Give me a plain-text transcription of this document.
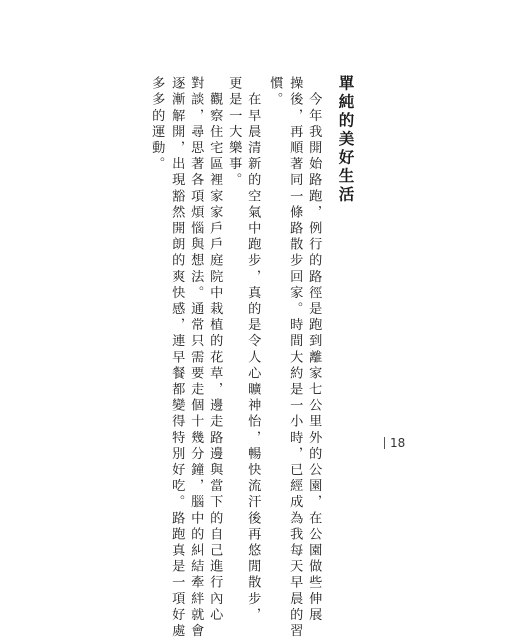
單純的美好生活
　今年我開始路跑，例行的路徑是跑到離家七公里外的公園，在公園做些伸展
操後，再順著同一條路散步回家。時間大約是一小時，已經成為我每天早晨的習
慣。
　在早晨清新的空氣中跑步，真的是令人心曠神怡，暢快流汗後再悠閒散步，
更是一大樂事。
　觀察住宅區裡家家戶戶庭院中栽植的花草，邊走路邊與當下的自己進行內心
對談，尋思著各項煩惱與想法。通常只需要走個十幾分鐘，腦中的糾結牽絆就會
逐漸解開，出現豁然開朗的爽快感，連早餐都變得特別好吃。路跑真是一項好處
多多的運動。
18
